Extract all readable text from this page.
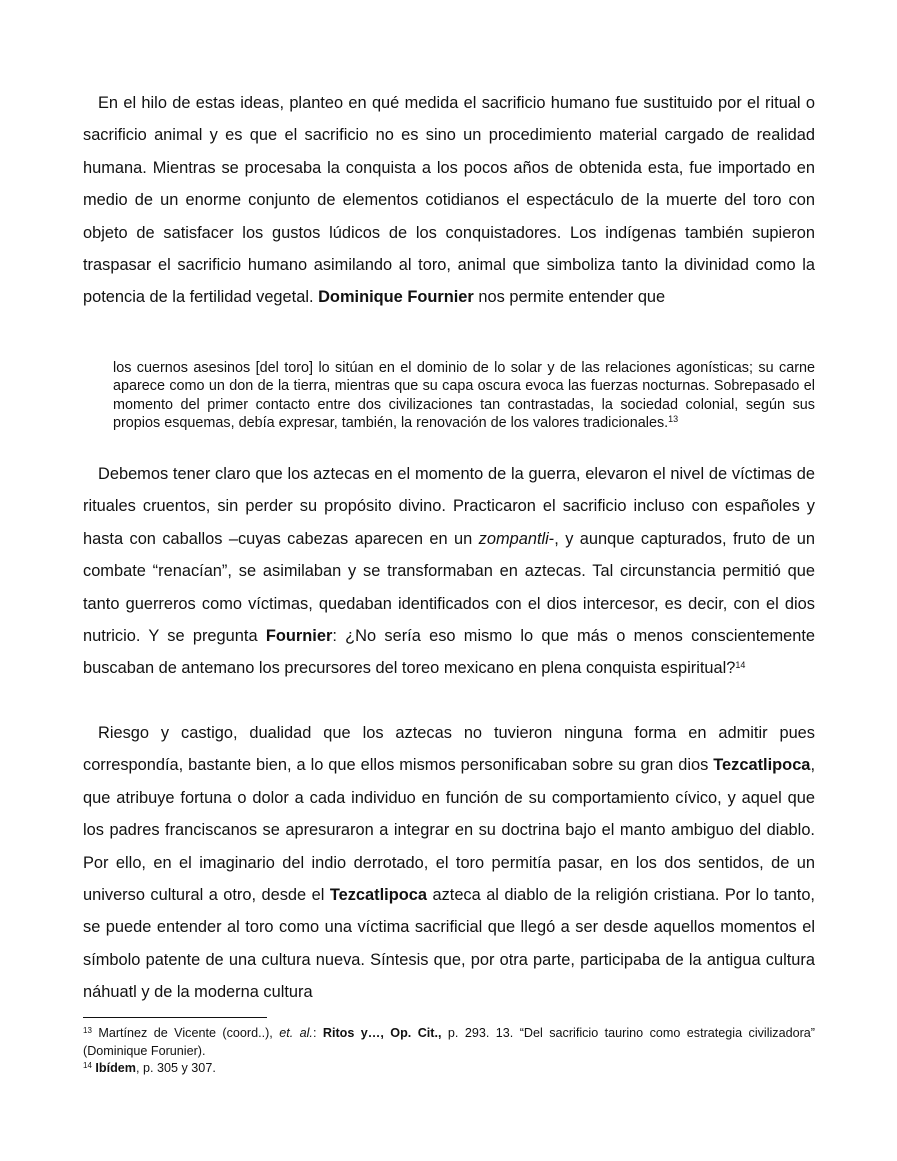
En el hilo de estas ideas, planteo en qué medida el sacrificio humano fue sustituido por el ritual o sacrificio animal y es que el sacrificio no es sino un procedimiento material cargado de realidad humana. Mientras se procesaba la conquista a los pocos años de obtenida esta, fue importado en medio de un enorme conjunto de elementos cotidianos el espectáculo de la muerte del toro con objeto de satisfacer los gustos lúdicos de los conquistadores. Los indígenas también supieron traspasar el sacrificio humano asimilando al toro, animal que simboliza tanto la divinidad como la potencia de la fertilidad vegetal. Dominique Fournier nos permite entender que

los cuernos asesinos [del toro] lo sitúan en el dominio de lo solar y de las relaciones agonísticas; su carne aparece como un don de la tierra, mientras que su capa oscura evoca las fuerzas nocturnas. Sobrepasado el momento del primer contacto entre dos civilizaciones tan contrastadas, la sociedad colonial, según sus propios esquemas, debía expresar, también, la renovación de los valores tradicionales.$^{13}$

Debemos tener claro que los aztecas en el momento de la guerra, elevaron el nivel de víctimas de rituales cruentos, sin perder su propósito divino. Practicaron el sacrificio incluso con españoles y hasta con caballos –cuyas cabezas aparecen en un zompantli-, y aunque capturados, fruto de un combate “renacían”, se asimilaban y se transformaban en aztecas. Tal circunstancia permitió que tanto guerreros como víctimas, quedaban identificados con el dios intercesor, es decir, con el dios nutricio. Y se pregunta Fournier: ¿No sería eso mismo lo que más o menos conscientemente buscaban de antemano los precursores del toreo mexicano en plena conquista espiritual?$^{14}$

Riesgo y castigo, dualidad que los aztecas no tuvieron ninguna forma en admitir pues correspondía, bastante bien, a lo que ellos mismos personificaban sobre su gran dios Tezcatlipoca, que atribuye fortuna o dolor a cada individuo en función de su comportamiento cívico, y aquel que los padres franciscanos se apresuraron a integrar en su doctrina bajo el manto ambiguo del diablo. Por ello, en el imaginario del indio derrotado, el toro permitía pasar, en los dos sentidos, de un universo cultural a otro, desde el Tezcatlipoca azteca al diablo de la religión cristiana. Por lo tanto, se puede entender al toro como una víctima sacrificial que llegó a ser desde aquellos momentos el símbolo patente de una cultura nueva. Síntesis que, por otra parte, participaba de la antigua cultura náhuatl y de la moderna cultura

$^{13}$ Martínez de Vicente (coord..), et. al.: Ritos y…, Op. Cit., p. 293. 13. “Del sacrificio taurino como estrategia civilizadora” (Dominique Forunier).

$^{14}$ Ibídem, p. 305 y 307.
